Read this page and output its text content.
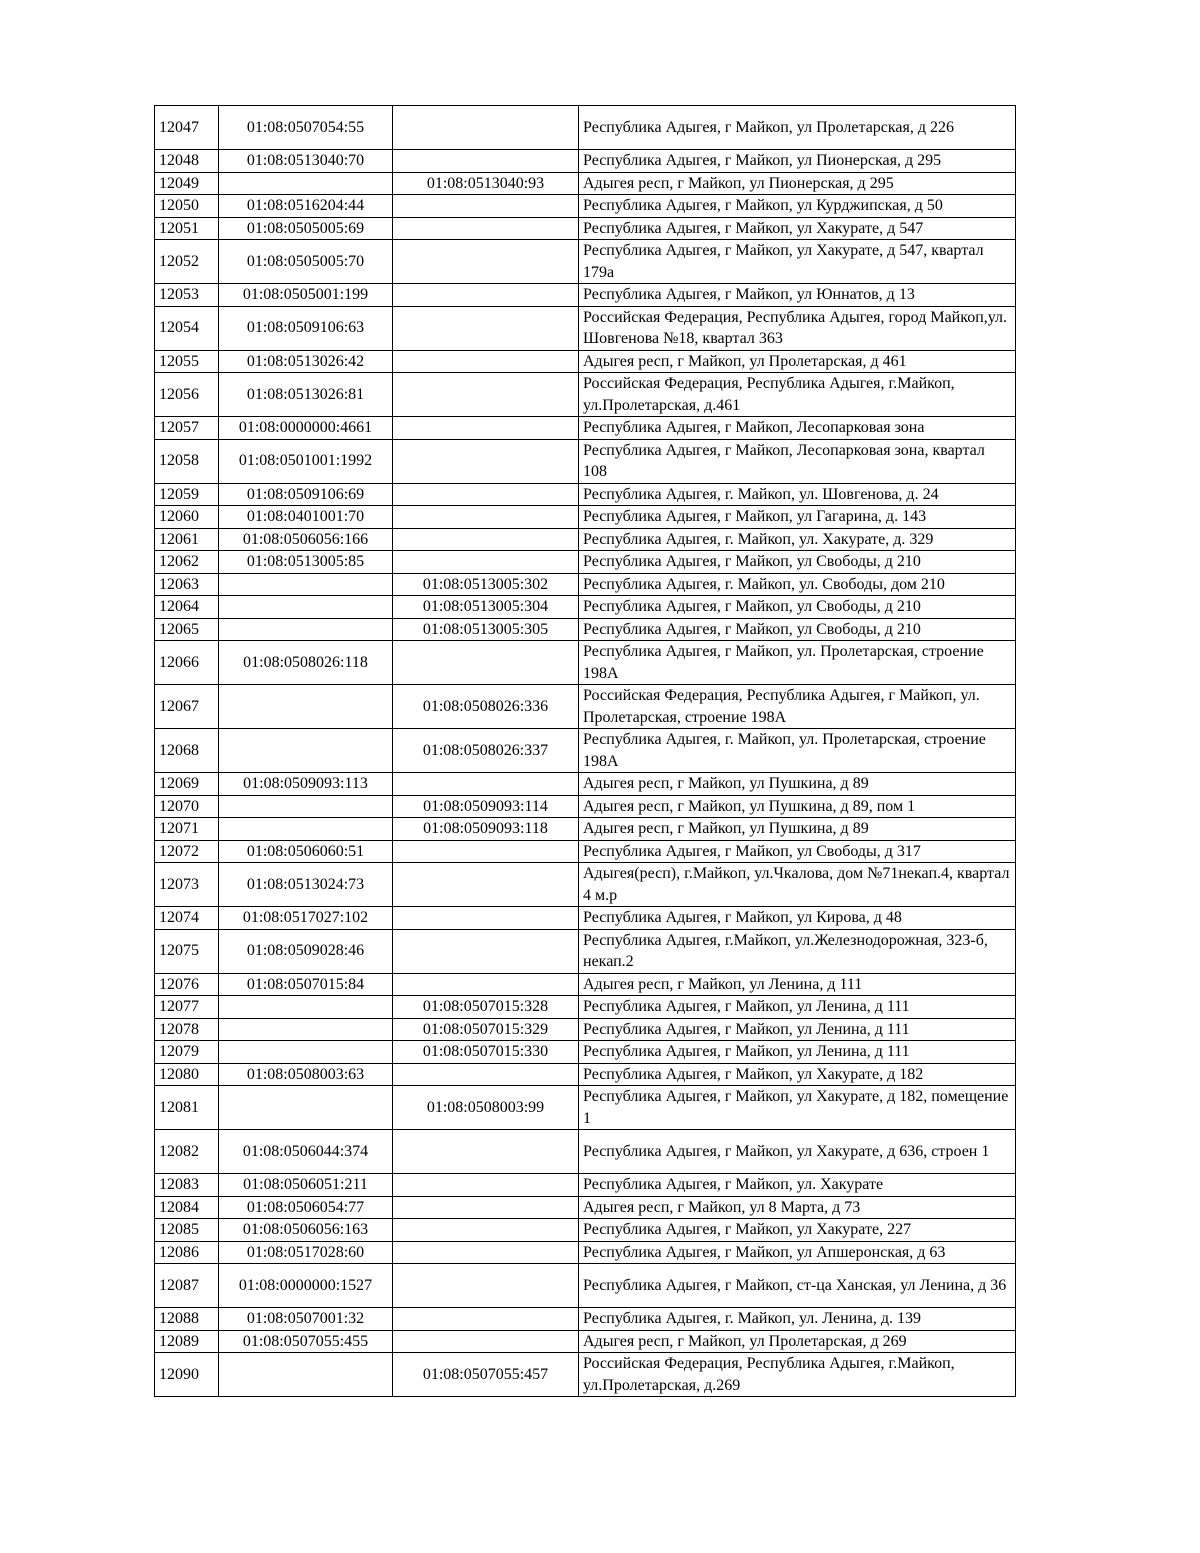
12047	01:08:0507054:55		Республика Адыгея, г Майкоп, ул Пролетарская, д 226
12048	01:08:0513040:70		Республика Адыгея, г Майкоп, ул Пионерская, д 295
12049		01:08:0513040:93	Адыгея респ, г Майкоп, ул Пионерская, д 295
12050	01:08:0516204:44		Республика Адыгея, г Майкоп, ул Курджипская, д 50
12051	01:08:0505005:69		Республика Адыгея, г Майкоп, ул Хакурате, д 547
12052	01:08:0505005:70		Республика Адыгея, г Майкоп, ул Хакурате, д 547, квартал 179а
12053	01:08:0505001:199		Республика Адыгея, г Майкоп, ул Юннатов, д 13
12054	01:08:0509106:63		Российская Федерация, Республика Адыгея, город Майкоп,ул. Шовгенова №18, квартал 363
12055	01:08:0513026:42		Адыгея респ, г Майкоп, ул Пролетарская, д 461
12056	01:08:0513026:81		Российская Федерация, Республика Адыгея, г.Майкоп, ул.Пролетарская, д.461
12057	01:08:0000000:4661		Республика Адыгея, г Майкоп, Лесопарковая зона
12058	01:08:0501001:1992		Республика Адыгея, г Майкоп, Лесопарковая зона, квартал 108
12059	01:08:0509106:69		Республика Адыгея, г. Майкоп, ул. Шовгенова, д. 24
12060	01:08:0401001:70		Республика Адыгея, г Майкоп, ул Гагарина, д. 143
12061	01:08:0506056:166		Республика Адыгея, г. Майкоп, ул. Хакурате, д. 329
12062	01:08:0513005:85		Республика Адыгея, г Майкоп, ул Свободы, д 210
12063		01:08:0513005:302	Республика Адыгея, г. Майкоп, ул. Свободы, дом 210
12064		01:08:0513005:304	Республика Адыгея, г Майкоп, ул Свободы, д 210
12065		01:08:0513005:305	Республика Адыгея, г Майкоп, ул Свободы, д 210
12066	01:08:0508026:118		Республика Адыгея, г Майкоп, ул. Пролетарская, строение 198А
12067		01:08:0508026:336	Российская Федерация, Республика Адыгея, г Майкоп, ул. Пролетарская, строение 198А
12068		01:08:0508026:337	Республика Адыгея, г. Майкоп, ул. Пролетарская, строение 198А
12069	01:08:0509093:113		Адыгея респ, г Майкоп, ул Пушкина, д 89
12070		01:08:0509093:114	Адыгея респ, г Майкоп, ул Пушкина, д 89, пом 1
12071		01:08:0509093:118	Адыгея респ, г Майкоп, ул Пушкина, д 89
12072	01:08:0506060:51		Республика Адыгея, г Майкоп, ул Свободы, д 317
12073	01:08:0513024:73		Адыгея(респ), г.Майкоп, ул.Чкалова, дом №71некап.4, квартал 4 м.р
12074	01:08:0517027:102		Республика Адыгея, г Майкоп, ул Кирова, д 48
12075	01:08:0509028:46		Республика Адыгея, г.Майкоп, ул.Железнодорожная, 323-б, некап.2
12076	01:08:0507015:84		Адыгея респ, г Майкоп, ул Ленина, д 111
12077		01:08:0507015:328	Республика Адыгея, г Майкоп, ул Ленина, д 111
12078		01:08:0507015:329	Республика Адыгея, г Майкоп, ул Ленина, д 111
12079		01:08:0507015:330	Республика Адыгея, г Майкоп, ул Ленина, д 111
12080	01:08:0508003:63		Республика Адыгея, г Майкоп, ул Хакурате, д 182
12081		01:08:0508003:99	Республика Адыгея, г Майкоп, ул Хакурате, д 182, помещение 1
12082	01:08:0506044:374		Республика Адыгея, г Майкоп, ул Хакурате, д 636, строен 1
12083	01:08:0506051:211		Республика Адыгея, г Майкоп, ул. Хакурате
12084	01:08:0506054:77		Адыгея респ, г Майкоп, ул 8 Марта, д 73
12085	01:08:0506056:163		Республика Адыгея, г Майкоп, ул Хакурате, 227
12086	01:08:0517028:60		Республика Адыгея, г Майкоп, ул Апшеронская, д 63
12087	01:08:0000000:1527		Республика Адыгея, г Майкоп, ст-ца Ханская, ул Ленина, д 36
12088	01:08:0507001:32		Республика Адыгея, г. Майкоп, ул. Ленина, д. 139
12089	01:08:0507055:455		Адыгея респ, г Майкоп, ул Пролетарская, д 269
12090		01:08:0507055:457	Российская Федерация, Республика Адыгея, г.Майкоп, ул.Пролетарская, д.269
